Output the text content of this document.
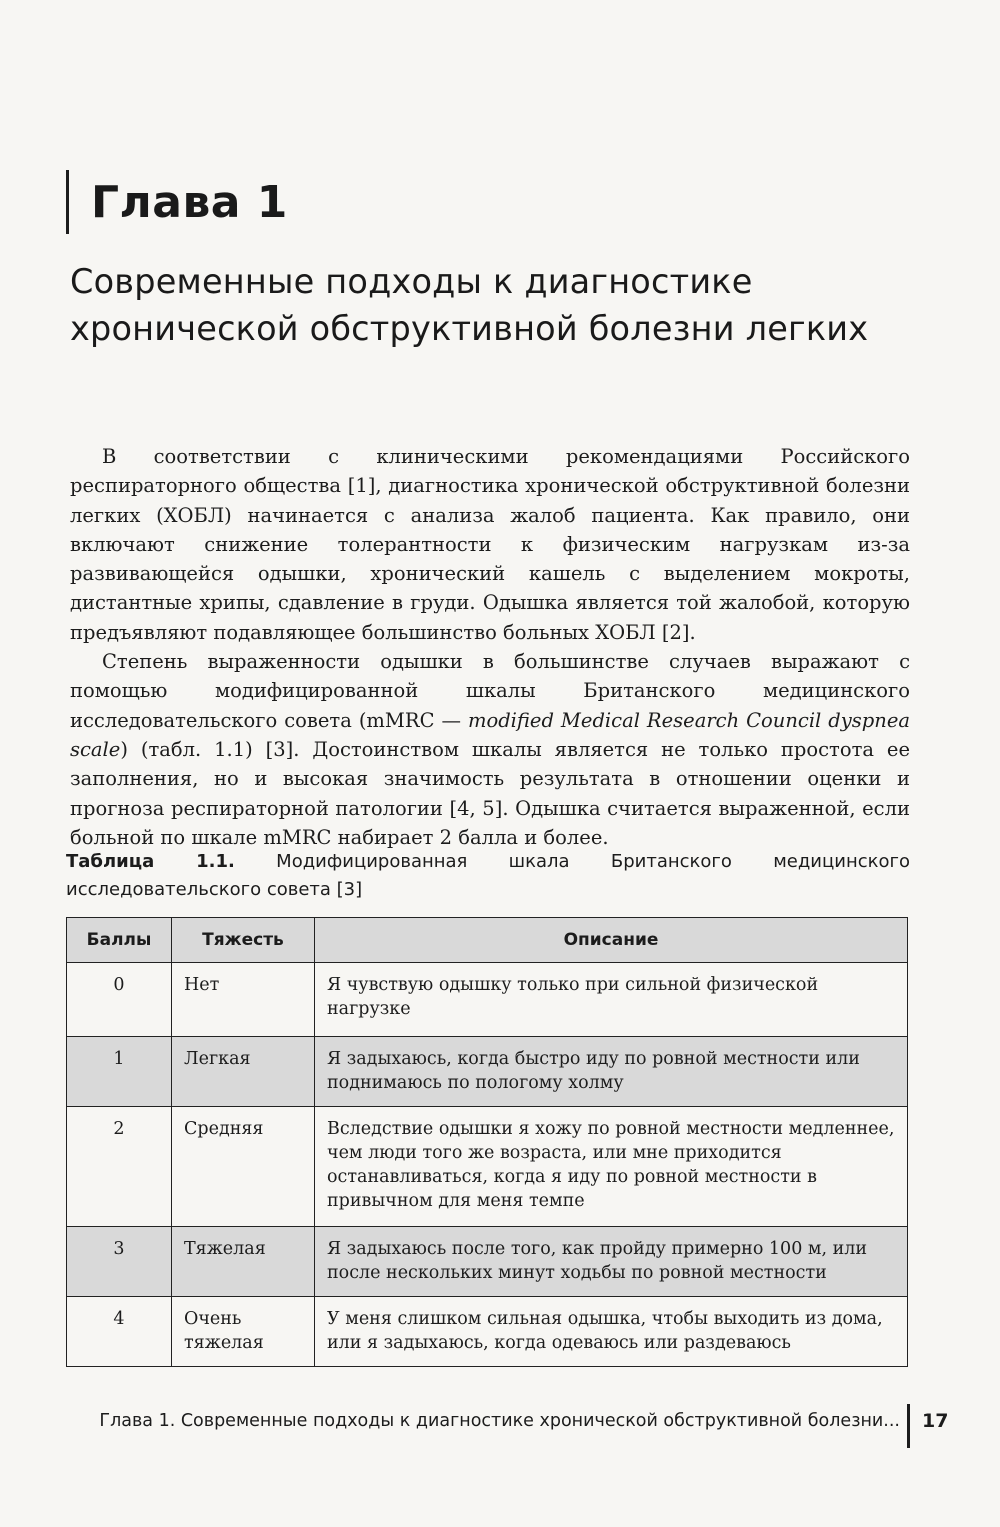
Глава 1
Современные подходы к диагностике
хронической обструктивной болезни легких

В соответствии с клиническими рекомендациями Российского респираторного общества [1], диагностика хронической обструктивной болезни легких (ХОБЛ) начинается с анализа жалоб пациента. Как правило, они включают снижение толерантности к физическим нагрузкам из-за развивающейся одышки, хронический кашель с выделением мокроты, дистантные хрипы, сдавление в груди. Одышка является той жалобой, которую предъявляют подавляющее большинство больных ХОБЛ [2].

Степень выраженности одышки в большинстве случаев выражают с помощью модифицированной шкалы Британского медицинского исследовательского совета (mMRC — modified Medical Research Council dyspnea scale) (табл. 1.1) [3]. Достоинством шкалы является не только простота ее заполнения, но и высокая значимость результата в отношении оценки и прогноза респираторной патологии [4, 5]. Одышка считается выраженной, если больной по шкале mMRC набирает 2 балла и более.

Таблица 1.1. Модифицированная шкала Британского медицинского исследовательского совета [3]
Баллы	Тяжесть	Описание
0	Нет	Я чувствую одышку только при сильной физической нагрузке
1	Легкая	Я задыхаюсь, когда быстро иду по ровной местности или поднимаюсь по пологому холму
2	Средняя	Вследствие одышки я хожу по ровной местности медленнее, чем люди того же возраста, или мне приходится останавливаться, когда я иду по ровной местности в привычном для меня темпе
3	Тяжелая	Я задыхаюсь после того, как пройду примерно 100 м, или после нескольких минут ходьбы по ровной местности
4	Очень тяжелая	У меня слишком сильная одышка, чтобы выходить из дома, или я задыхаюсь, когда одеваюсь или раздеваюсь
Глава 1. Современные подходы к диагностике хронической обструктивной болезни... 17
